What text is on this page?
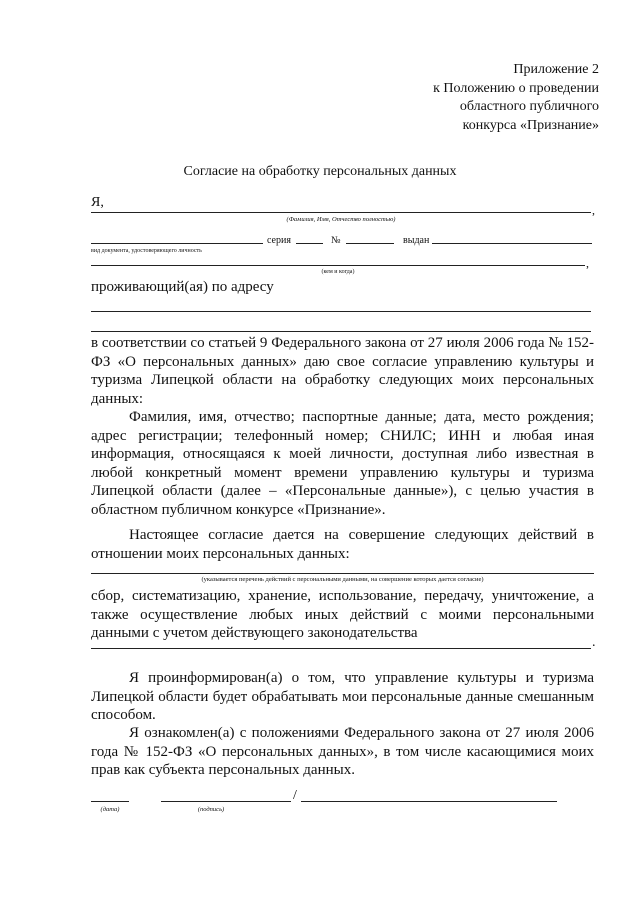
Приложение 2
к Положению о проведении
областного публичного
конкурса «Признание»
Согласие на обработку персональных данных
Я,	,
(Фамилия, Имя, Отчество полностью)
серия	№	выдан
вид документа, удостоверяющего личность
,
(кем и когда)
проживающий(ая) по адресу
в соответствии со статьей 9 Федерального закона от 27 июля 2006 года № 152-ФЗ «О персональных данных» даю свое согласие управлению культуры и туризма Липецкой области на обработку следующих моих персональных данных:
Фамилия, имя, отчество; паспортные данные; дата, место рождения; адрес регистрации; телефонный номер; СНИЛС; ИНН и любая иная информация, относящаяся к моей личности, доступная либо известная в любой конкретный момент времени управлению культуры и туризма Липецкой области (далее – «Персональные данные»), с целью участия в областном публичном конкурсе «Признание».
Настоящее согласие дается на совершение следующих действий в отношении моих персональных данных:
(указывается перечень действий с персональными данными, на совершение которых дается согласие)
сбор, систематизацию, хранение, использование, передачу, уничтожение, а также осуществление любых иных действий с моими персональными данными с учетом действующего законодательства
.
Я проинформирован(а) о том, что управление культуры и туризма Липецкой области будет обрабатывать мои персональные данные смешанным способом.
Я ознакомлен(а) с положениями Федерального закона от 27 июля 2006 года № 152-ФЗ «О персональных данных», в том числе касающимися моих прав как субъекта персональных данных.
/
(дата)	(подпись)
